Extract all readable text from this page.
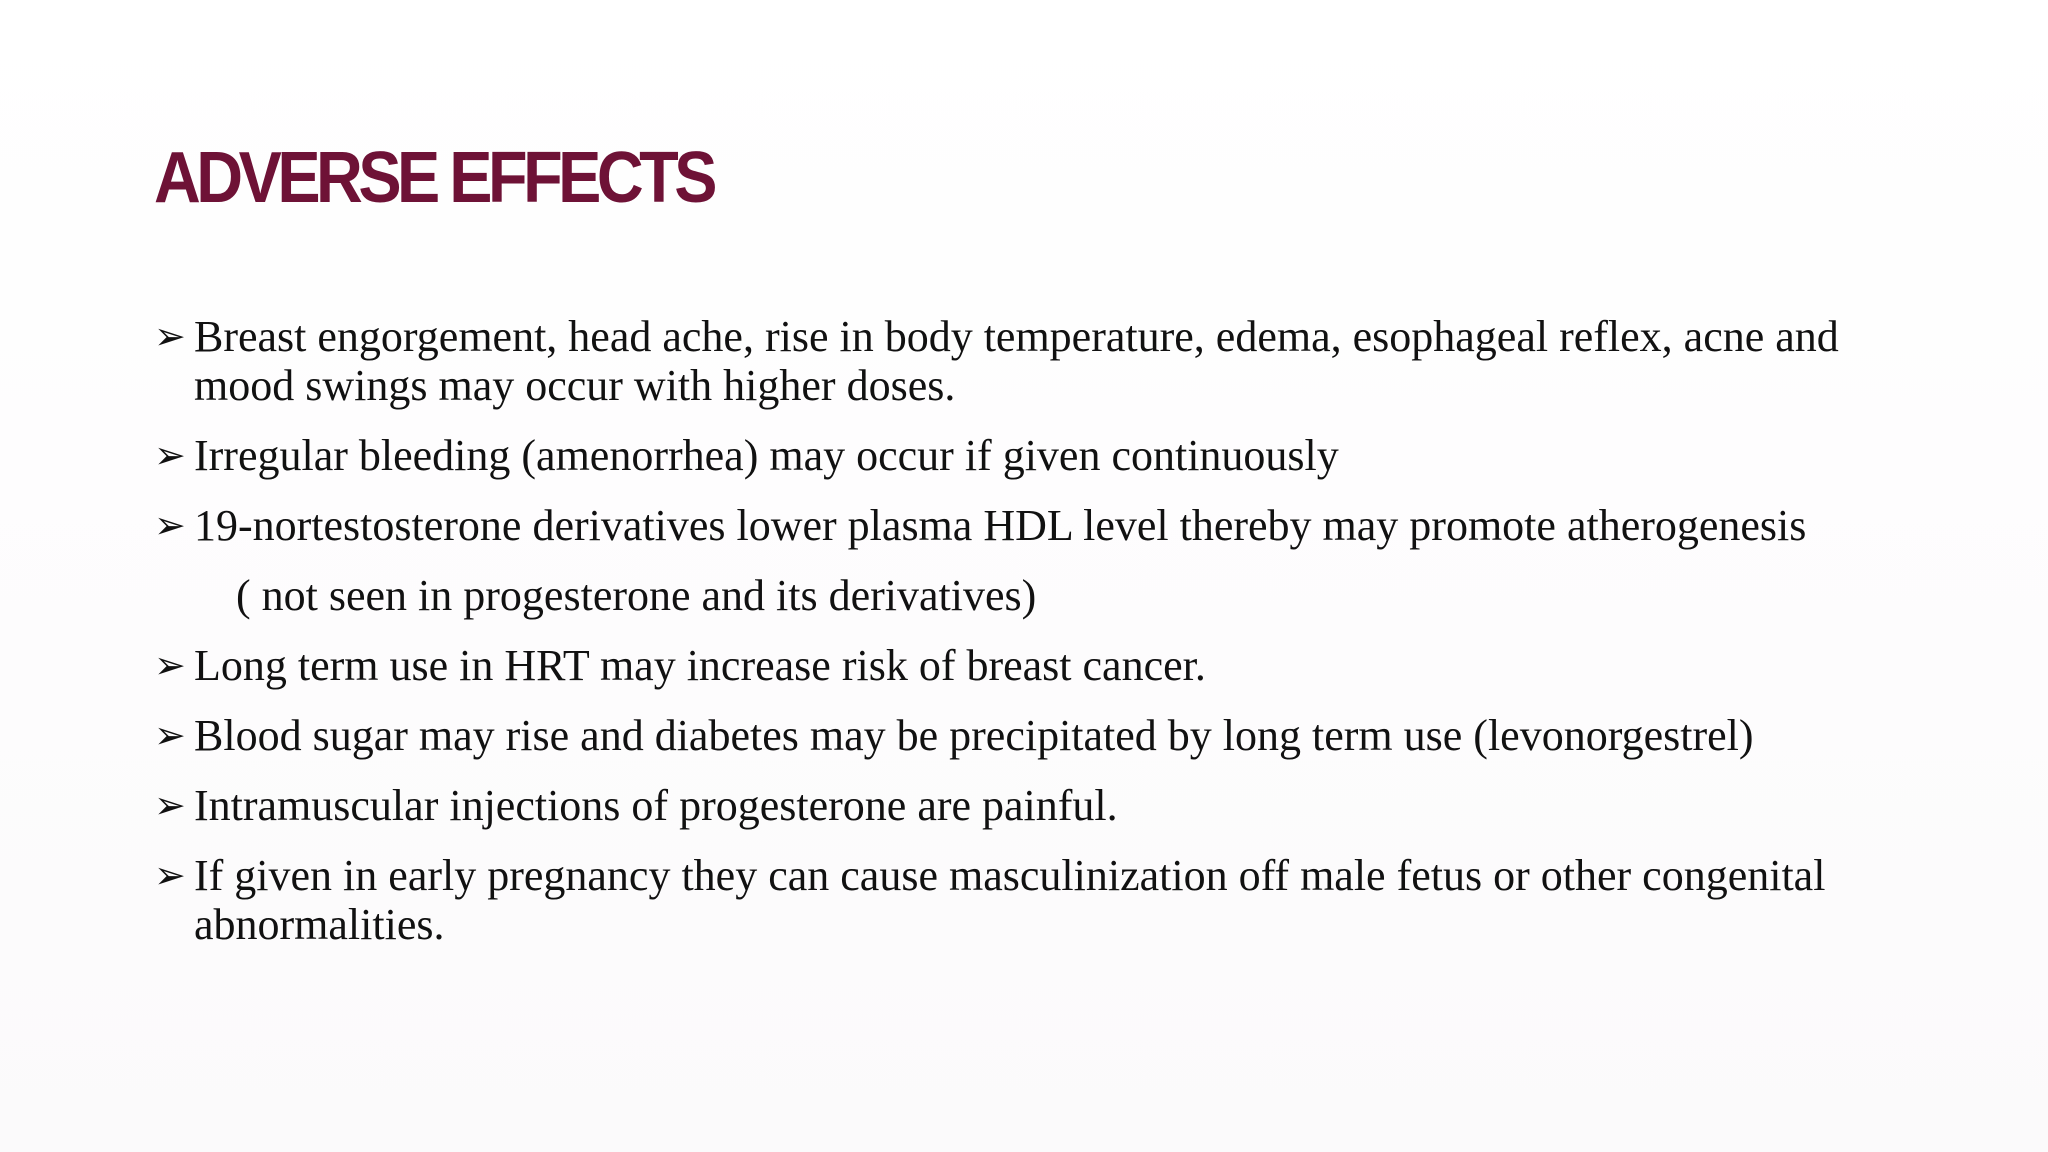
ADVERSE EFFECTS
➢ Breast engorgement, head ache, rise in body temperature, edema, esophageal reflex, acne and mood swings may occur with higher doses.
➢ Irregular bleeding (amenorrhea) may occur if given continuously
➢ 19-nortestosterone derivatives lower plasma HDL level thereby may promote atherogenesis
( not seen in progesterone and its derivatives)
➢ Long term use in HRT may increase risk of breast cancer.
➢ Blood sugar may rise and diabetes may be precipitated by long term use (levonorgestrel)
➢ Intramuscular injections of progesterone are painful.
➢ If given in early pregnancy they can cause masculinization off male fetus or other congenital abnormalities.
